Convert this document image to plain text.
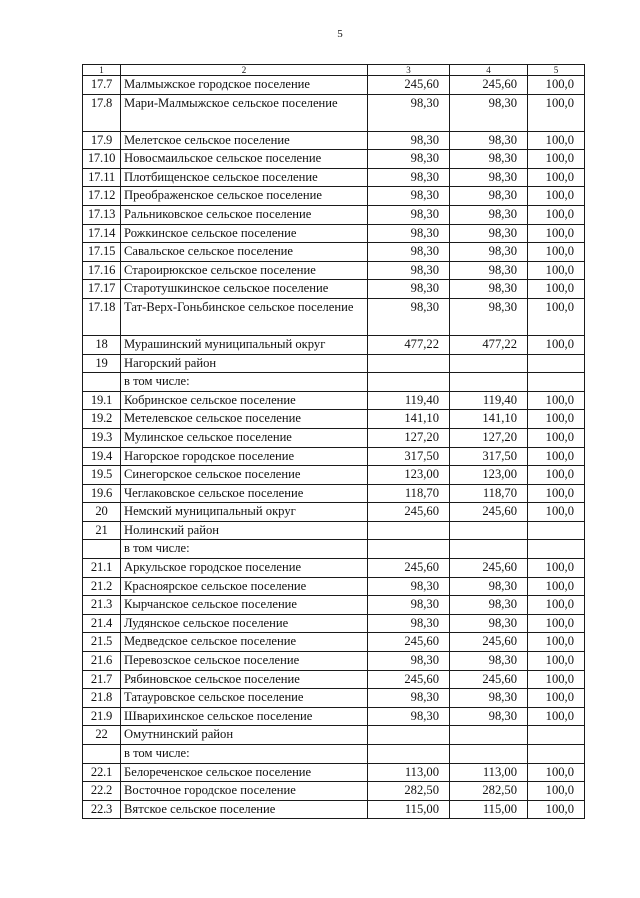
5
1	2	3	4	5
17.7	Малмыжское городское поселение	245,60	245,60	100,0
17.8	Мари-Малмыжское сельское поселение	98,30	98,30	100,0
17.9	Мелетское сельское поселение	98,30	98,30	100,0
17.10	Новосмаильское сельское поселение	98,30	98,30	100,0
17.11	Плотбищенское сельское поселение	98,30	98,30	100,0
17.12	Преображенское сельское поселение	98,30	98,30	100,0
17.13	Ральниковское сельское поселение	98,30	98,30	100,0
17.14	Рожкинское сельское поселение	98,30	98,30	100,0
17.15	Савальское сельское поселение	98,30	98,30	100,0
17.16	Староирюкское сельское поселение	98,30	98,30	100,0
17.17	Старотушкинское сельское поселение	98,30	98,30	100,0
17.18	Тат-Верх-Гоньбинское сельское поселение	98,30	98,30	100,0
18	Мурашинский муниципальный округ	477,22	477,22	100,0
19	Нагорский район			
	в том числе:			
19.1	Кобринское сельское поселение	119,40	119,40	100,0
19.2	Метелевское сельское поселение	141,10	141,10	100,0
19.3	Мулинское сельское поселение	127,20	127,20	100,0
19.4	Нагорское городское поселение	317,50	317,50	100,0
19.5	Синегорское сельское поселение	123,00	123,00	100,0
19.6	Чеглаковское сельское поселение	118,70	118,70	100,0
20	Немский муниципальный округ	245,60	245,60	100,0
21	Нолинский район			
	в том числе:			
21.1	Аркульское городское поселение	245,60	245,60	100,0
21.2	Красноярское сельское поселение	98,30	98,30	100,0
21.3	Кырчанское сельское поселение	98,30	98,30	100,0
21.4	Лудянское сельское поселение	98,30	98,30	100,0
21.5	Медведское сельское поселение	245,60	245,60	100,0
21.6	Перевозское сельское поселение	98,30	98,30	100,0
21.7	Рябиновское сельское поселение	245,60	245,60	100,0
21.8	Татауровское сельское поселение	98,30	98,30	100,0
21.9	Шварихинское сельское поселение	98,30	98,30	100,0
22	Омутнинский район			
	в том числе:			
22.1	Белореченское сельское поселение	113,00	113,00	100,0
22.2	Восточное городское поселение	282,50	282,50	100,0
22.3	Вятское сельское поселение	115,00	115,00	100,0
